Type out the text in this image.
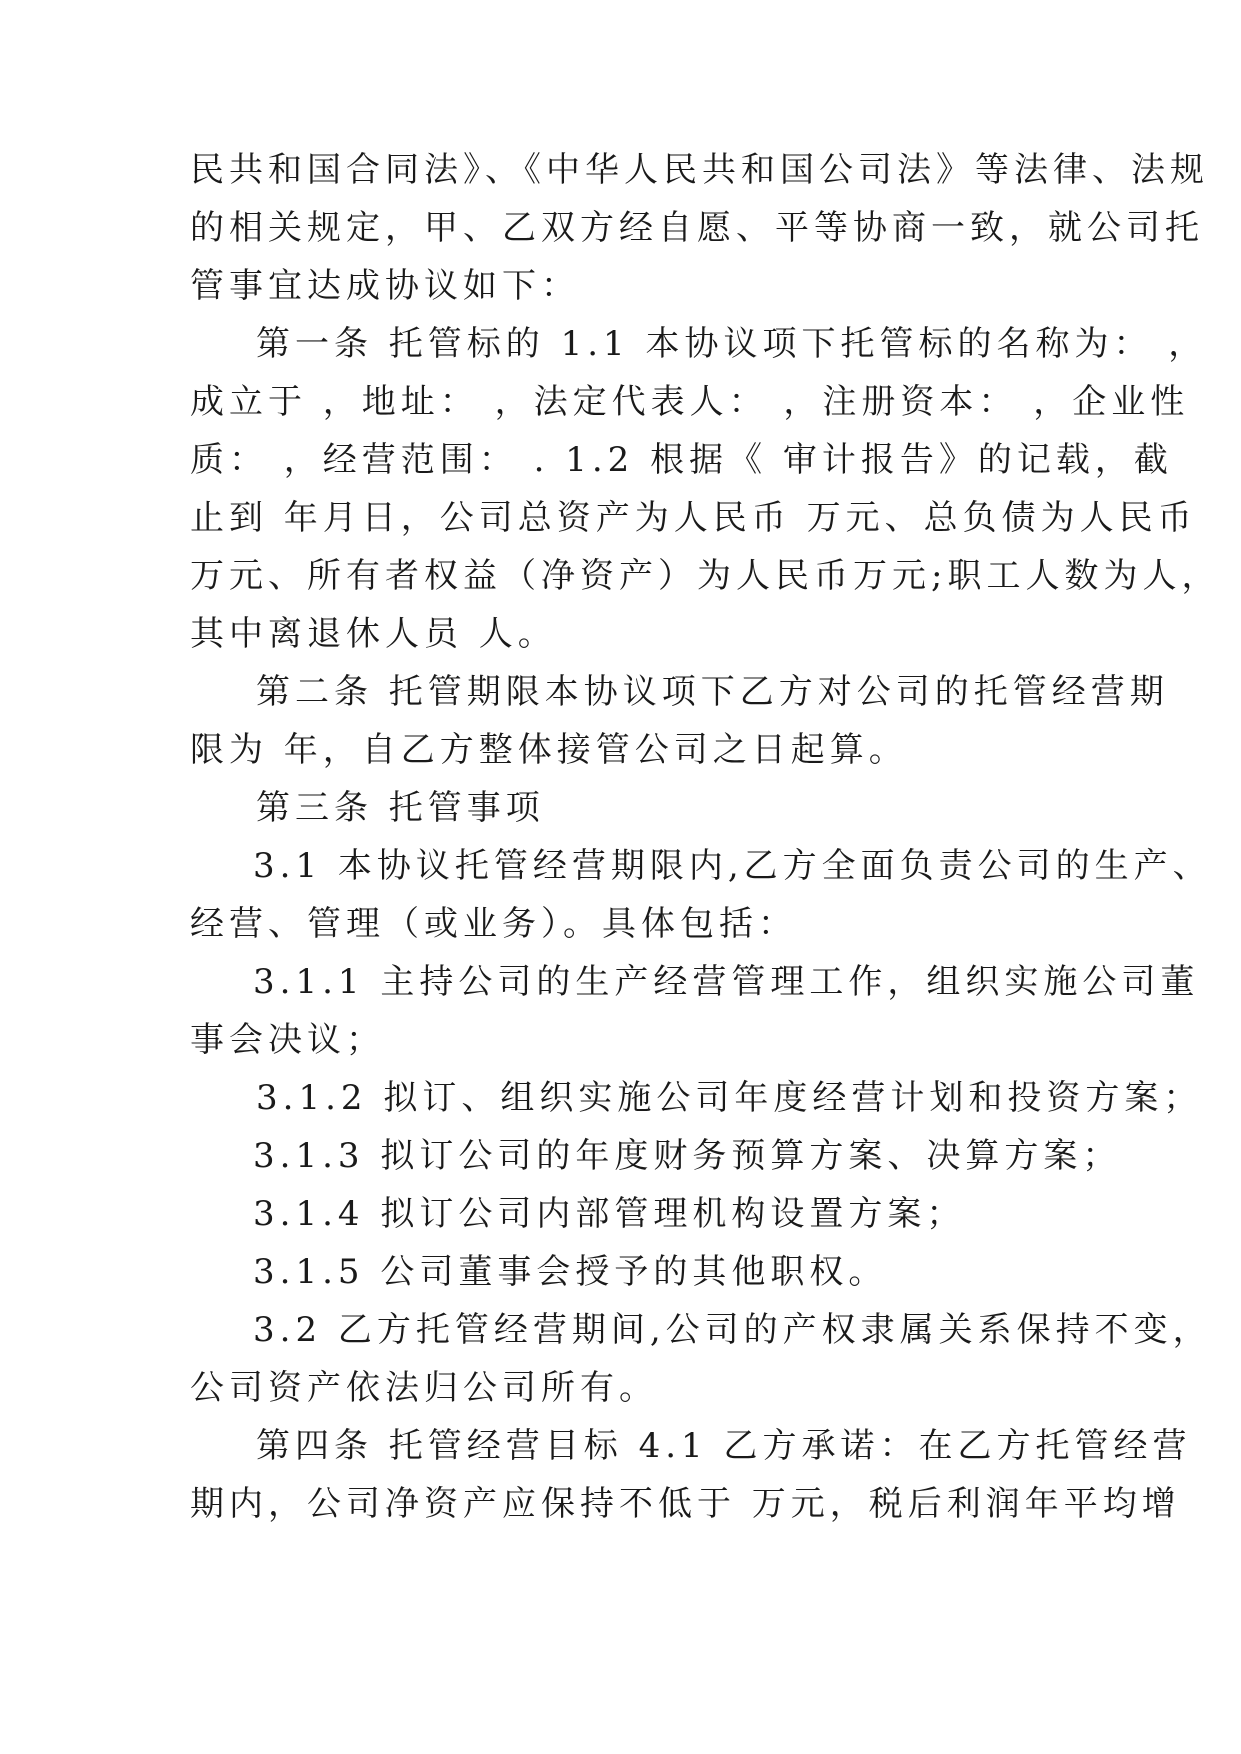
民共和国合同法》、《中华人民共和国公司法》等法律、法规
的相关规定，甲、乙双方经自愿、平等协商一致，就公司托
管事宜达成协议如下：
第一条 托管标的 1.1 本协议项下托管标的名称为： ，
成立于 ，地址： ，法定代表人： ，注册资本： ，企业性
质： ，经营范围： . 1.2 根据《 审计报告》的记载，截
止到 年月日，公司总资产为人民币 万元、总负债为人民币
万元、所有者权益（净资产）为人民币万元;职工人数为人，
其中离退休人员 人。
第二条 托管期限本协议项下乙方对公司的托管经营期
限为 年，自乙方整体接管公司之日起算。
第三条 托管事项
3.1 本协议托管经营期限内,乙方全面负责公司的生产、
经营、管理（或业务）。具体包括：
3.1.1 主持公司的生产经营管理工作，组织实施公司董
事会决议；
3.1.2 拟订、组织实施公司年度经营计划和投资方案；
3.1.3 拟订公司的年度财务预算方案、决算方案；
3.1.4 拟订公司内部管理机构设置方案；
3.1.5 公司董事会授予的其他职权。
3.2 乙方托管经营期间,公司的产权隶属关系保持不变，
公司资产依法归公司所有。
第四条 托管经营目标 4.1 乙方承诺：在乙方托管经营
期内，公司净资产应保持不低于 万元，税后利润年平均增
